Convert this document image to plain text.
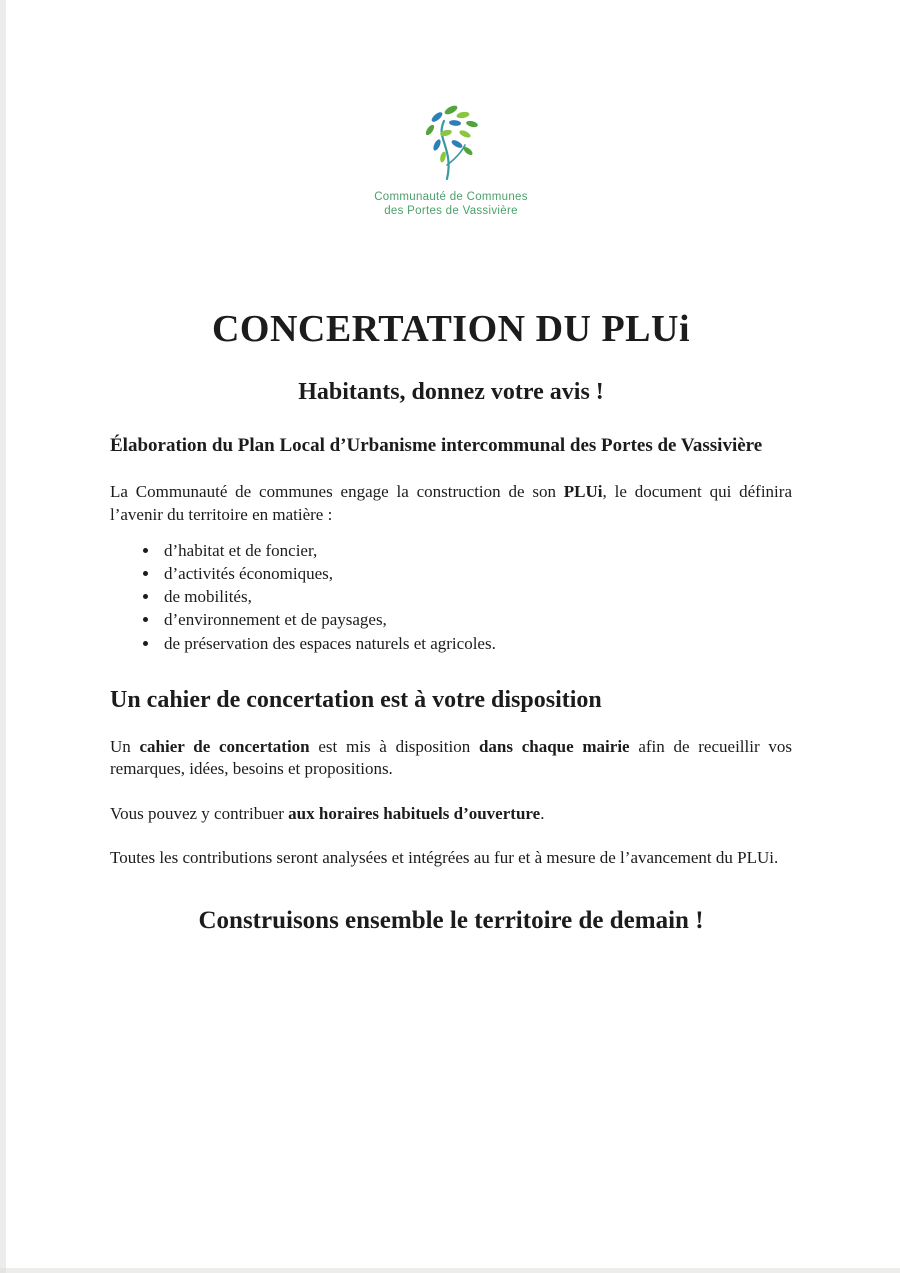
Communauté de Communes
des Portes de Vassivière
CONCERTATION DU PLUi
Habitants, donnez votre avis !
Élaboration du Plan Local d’Urbanisme intercommunal des Portes de Vassivière

La Communauté de communes engage la construction de son PLUi, le document qui définira l’avenir du territoire en matière :

• d’habitat et de foncier,
• d’activités économiques,
• de mobilités,
• d’environnement et de paysages,
• de préservation des espaces naturels et agricoles.
Un cahier de concertation est à votre disposition

Un cahier de concertation est mis à disposition dans chaque mairie afin de recueillir vos remarques, idées, besoins et propositions.

Vous pouvez y contribuer aux horaires habituels d’ouverture.

Toutes les contributions seront analysées et intégrées au fur et à mesure de l’avancement du PLUi.

Construisons ensemble le territoire de demain !
